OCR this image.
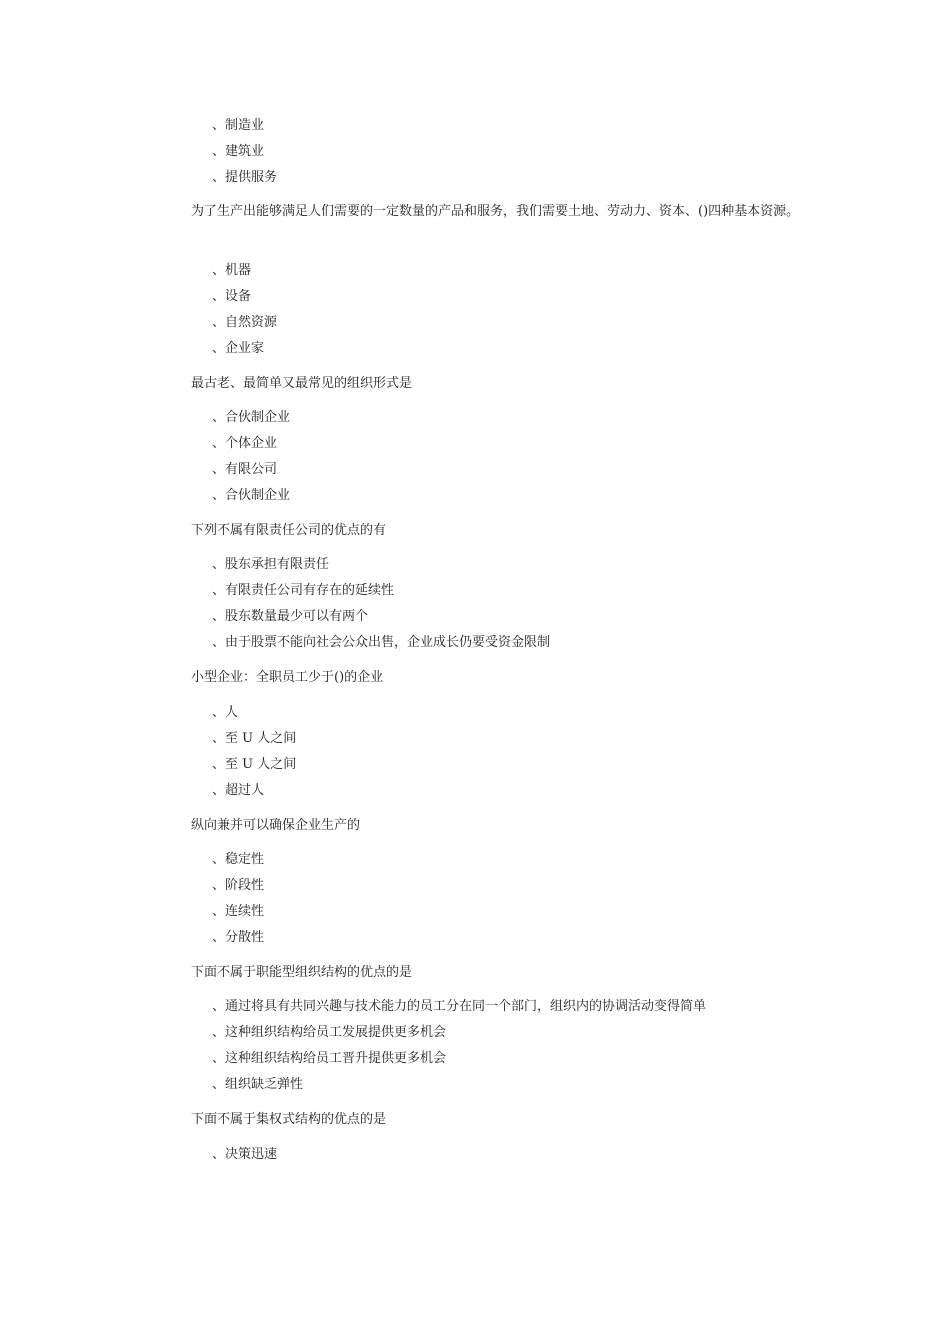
、制造业
、建筑业
、提供服务
为了生产出能够满足人们需要的一定数量的产品和服务，我们需要土地、劳动力、资本、()四种基本资源。
、机器
、设备
、自然资源
、企业家
最古老、最简单又最常见的组织形式是
、合伙制企业
、个体企业
、有限公司
、合伙制企业
下列不属有限责任公司的优点的有
、股东承担有限责任
、有限责任公司有存在的延续性
、股东数量最少可以有两个
、由于股票不能向社会公众出售，企业成长仍要受资金限制
小型企业：全职员工少于()的企业
、人
、至 U 人之间
、至 U 人之间
、超过人
纵向兼并可以确保企业生产的
、稳定性
、阶段性
、连续性
、分散性
下面不属于职能型组织结构的优点的是
、通过将具有共同兴趣与技术能力的员工分在同一个部门，组织内的协调活动变得简单
、这种组织结构给员工发展提供更多机会
、这种组织结构给员工晋升提供更多机会
、组织缺乏弹性
下面不属于集权式结构的优点的是
、决策迅速
